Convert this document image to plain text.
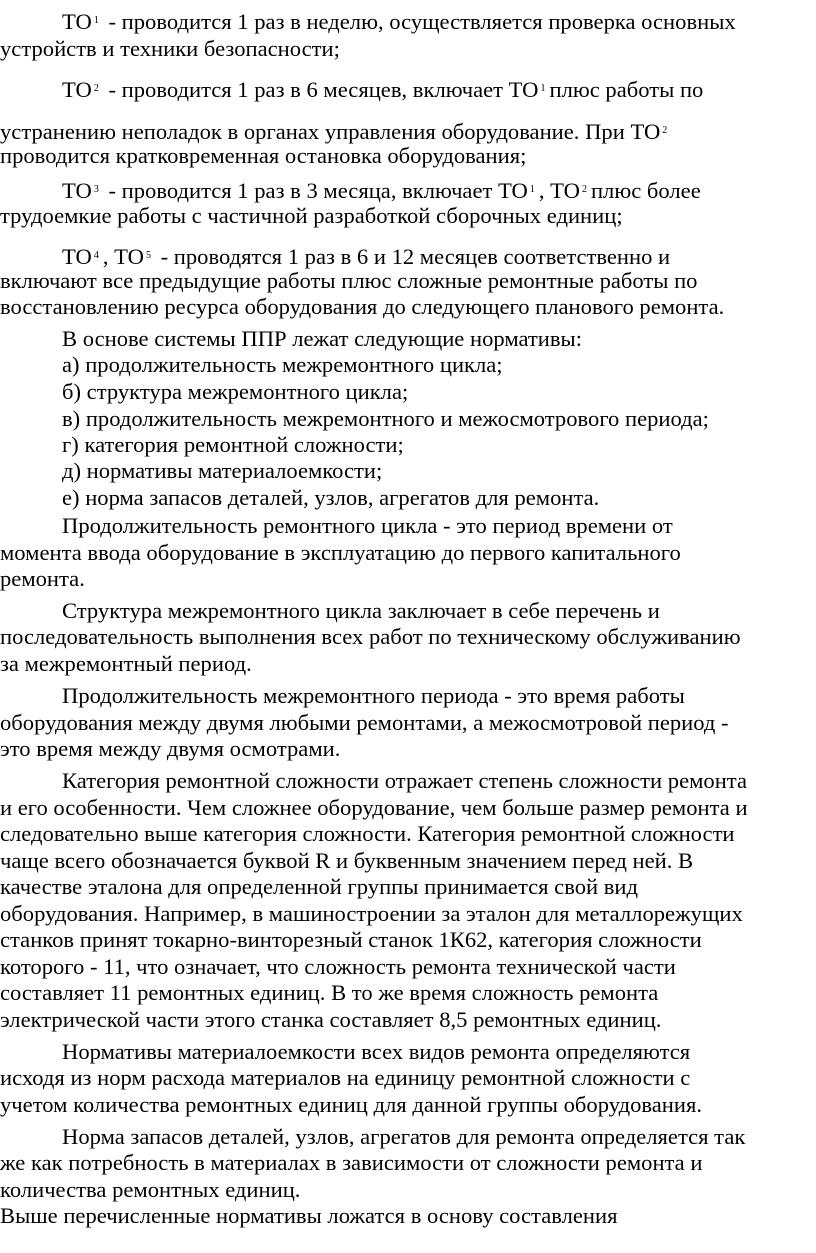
ТО $^1$ - проводится 1 раз в неделю, осуществляется проверка основных
устройств и техники безопасности;
ТО $^2$ - проводится 1 раз в 6 месяцев, включает ТО $^1$ плюс работы по
устранению неполадок в органах управления оборудование. При ТО $^2$
проводится кратковременная остановка оборудования;
ТО $^3$ - проводится 1 раз в 3 месяца, включает ТО $^1$ , ТО $^2$ плюс более
трудоемкие работы с частичной разработкой сборочных единиц;
ТО $^4$ , ТО $^5$ - проводятся 1 раз в 6 и 12 месяцев соответственно и
включают все предыдущие работы плюс сложные ремонтные работы по
восстановлению ресурса оборудования до следующего планового ремонта.
В основе системы ППР лежат следующие нормативы:
а) продолжительность межремонтного цикла;
б) структура межремонтного цикла;
в) продолжительность межремонтного и межосмотрового периода;
г) категория ремонтной сложности;
д) нормативы материалоемкости;
е) норма запасов деталей, узлов, агрегатов для ремонта.
Продолжительность ремонтного цикла - это период времени от
момента ввода оборудование в эксплуатацию до первого капитального
ремонта.
Структура межремонтного цикла заключает в себе перечень и
последовательность выполнения всех работ по техническому обслуживанию
за межремонтный период.
Продолжительность межремонтного периода - это время работы
оборудования между двумя любыми ремонтами, а межосмотровой период -
это время между двумя осмотрами.
Категория ремонтной сложности отражает степень сложности ремонта
и его особенности. Чем сложнее оборудование, чем больше размер ремонта и
следовательно выше категория сложности. Категория ремонтной сложности
чаще всего обозначается буквой R и буквенным значением перед ней. В
качестве эталона для определенной группы принимается свой вид
оборудования. Например, в машиностроении за эталон для металлорежущих
станков принят токарно-винторезный станок 1К62, категория сложности
которого - 11, что означает, что сложность ремонта технической части
составляет 11 ремонтных единиц. В то же время сложность ремонта
электрической части этого станка составляет 8,5 ремонтных единиц.
Нормативы материалоемкости всех видов ремонта определяются
исходя из норм расхода материалов на единицу ремонтной сложности с
учетом количества ремонтных единиц для данной группы оборудования.
Норма запасов деталей, узлов, агрегатов для ремонта определяется так
же как потребность в материалах в зависимости от сложности ремонта и
количества ремонтных единиц.
Выше перечисленные нормативы ложатся в основу составления
